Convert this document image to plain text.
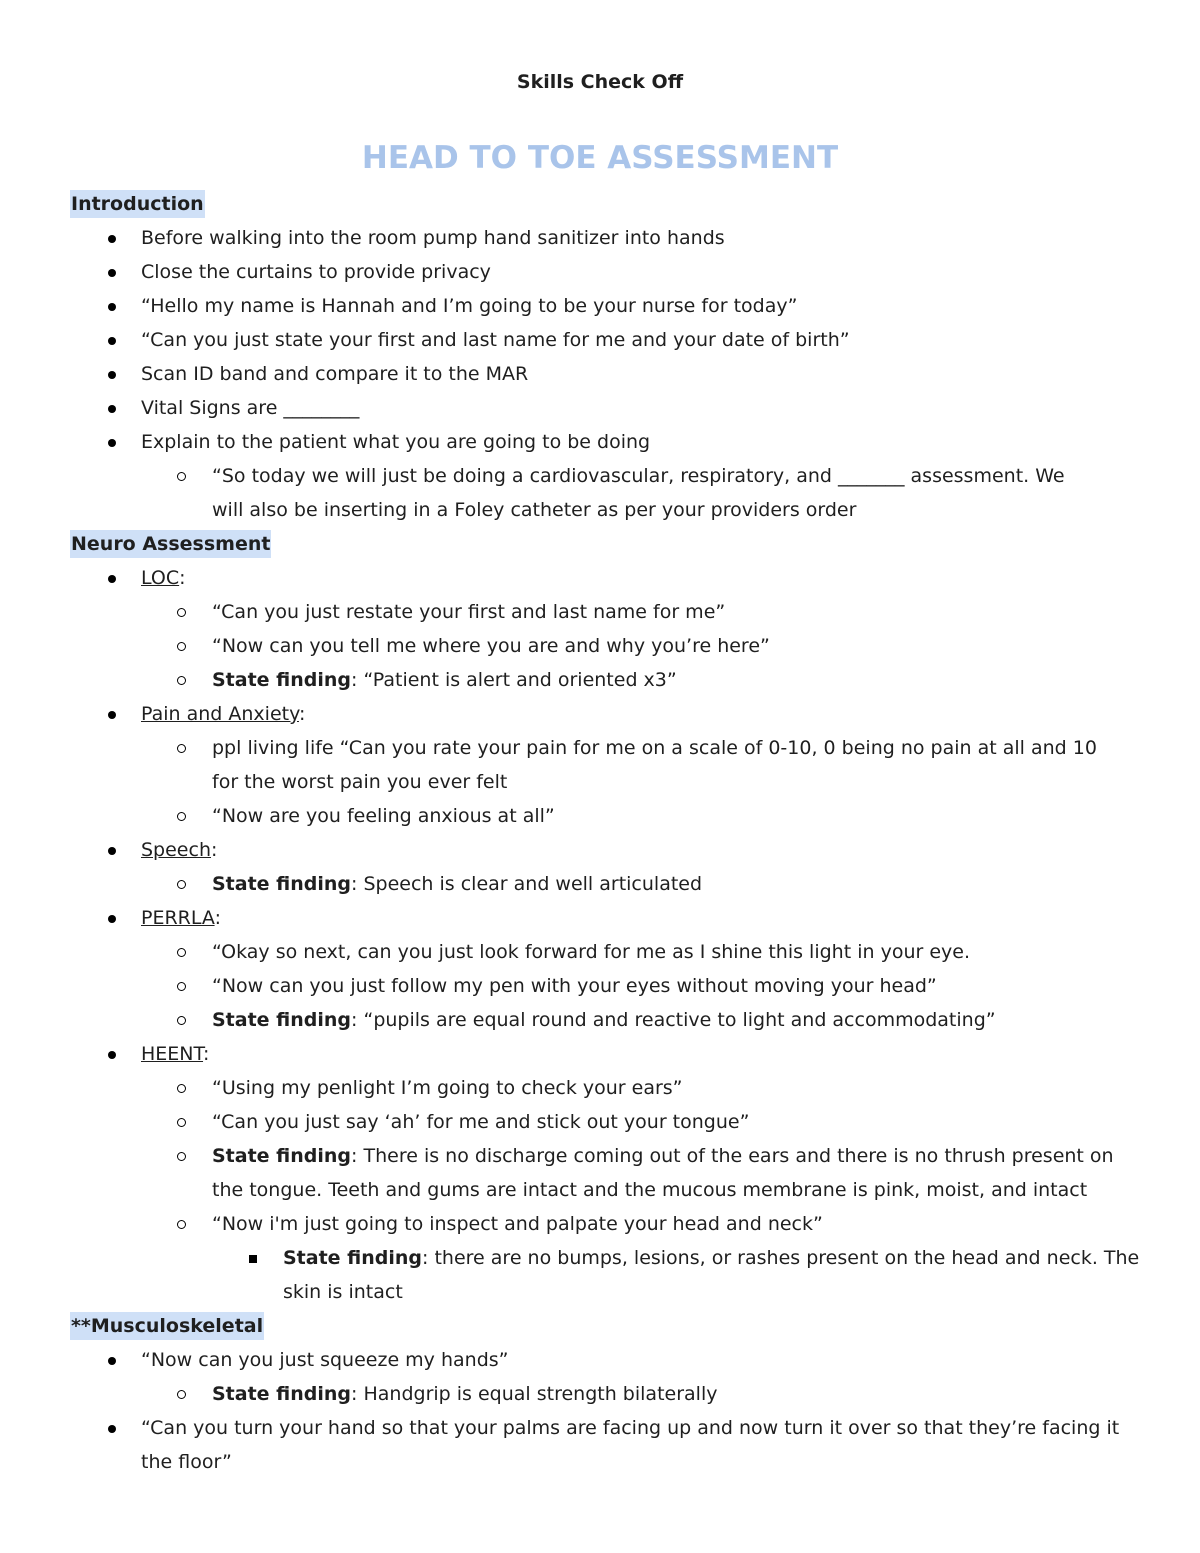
Skills Check Off
HEAD TO TOE ASSESSMENT
Introduction
Before walking into the room pump hand sanitizer into hands
Close the curtains to provide privacy
“Hello my name is Hannah and I’m going to be your nurse for today”
“Can you just state your first and last name for me and your date of birth”
Scan ID band and compare it to the MAR
Vital Signs are ________
Explain to the patient what you are going to be doing
“So today we will just be doing a cardiovascular, respiratory, and _______ assessment. We
will also be inserting in a Foley catheter as per your providers order
Neuro Assessment
LOC:
“Can you just restate your first and last name for me”
“Now can you tell me where you are and why you’re here”
State finding: “Patient is alert and oriented x3”
Pain and Anxiety:
ppl living life “Can you rate your pain for me on a scale of 0-10, 0 being no pain at all and 10
for the worst pain you ever felt
“Now are you feeling anxious at all”
Speech:
State finding: Speech is clear and well articulated
PERRLA:
“Okay so next, can you just look forward for me as I shine this light in your eye.
“Now can you just follow my pen with your eyes without moving your head”
State finding: “pupils are equal round and reactive to light and accommodating”
HEENT:
“Using my penlight I’m going to check your ears”
“Can you just say ‘ah’ for me and stick out your tongue”
State finding: There is no discharge coming out of the ears and there is no thrush present on
the tongue. Teeth and gums are intact and the mucous membrane is pink, moist, and intact
“Now i'm just going to inspect and palpate your head and neck”
State finding: there are no bumps, lesions, or rashes present on the head and neck. The
skin is intact
**Musculoskeletal
“Now can you just squeeze my hands”
State finding: Handgrip is equal strength bilaterally
“Can you turn your hand so that your palms are facing up and now turn it over so that they’re facing it
the floor”
